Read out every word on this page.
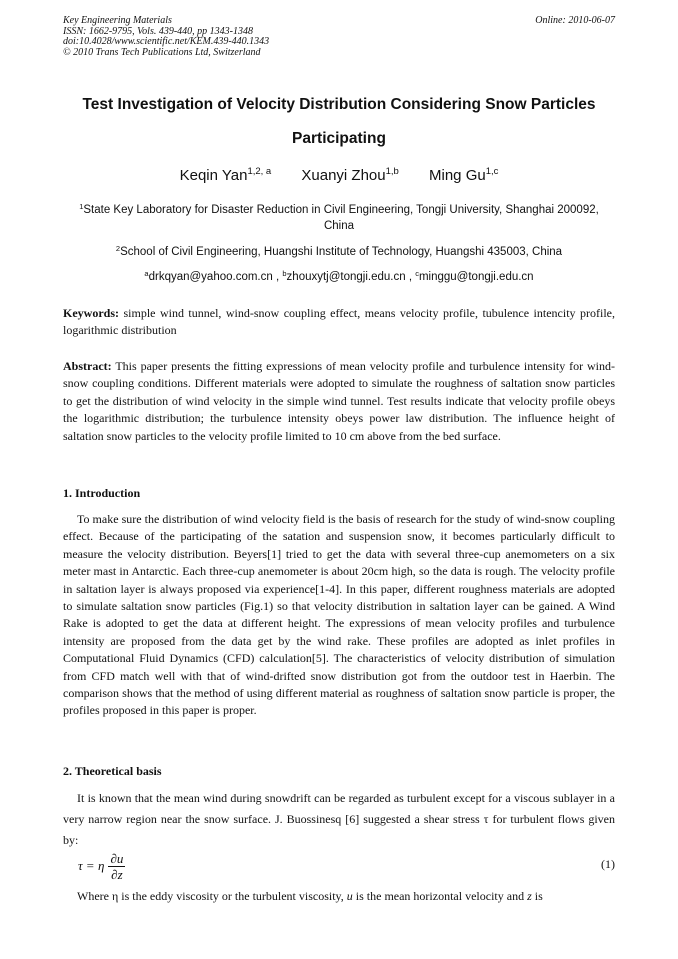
Key Engineering Materials
ISSN: 1662-9795, Vols. 439-440, pp 1343-1348
doi:10.4028/www.scientific.net/KEM.439-440.1343
© 2010 Trans Tech Publications Ltd, Switzerland
Online: 2010-06-07
Test Investigation of Velocity Distribution Considering Snow Particles
Participating
Keqin Yan$^{1,2, a}$ Xuanyi Zhou$^{1,b}$ Ming Gu$^{1,c}$
$^1$State Key Laboratory for Disaster Reduction in Civil Engineering, Tongji University, Shanghai 200092, China
$^2$School of Civil Engineering, Huangshi Institute of Technology, Huangshi 435003, China
$^a$drkqyan@yahoo.com.cn , $^b$zhouxytj@tongji.edu.cn , $^c$minggu@tongji.edu.cn
Keywords: simple wind tunnel, wind-snow coupling effect, means velocity profile, tubulence intencity profile, logarithmic distribution
Abstract: This paper presents the fitting expressions of mean velocity profile and turbulence intensity for wind-snow coupling conditions. Different materials were adopted to simulate the roughness of saltation snow particles to get the distribution of wind velocity in the simple wind tunnel. Test results indicate that velocity profile obeys the logarithmic distribution; the turbulence intensity obeys power law distribution. The influence height of saltation snow particles to the velocity profile limited to 10 cm above from the bed surface.
1. Introduction
To make sure the distribution of wind velocity field is the basis of research for the study of wind-snow coupling effect. Because of the participating of the satation and suspension snow, it becomes particularly difficult to measure the velocity distribution. Beyers[1] tried to get the data with several three-cup anemometers on a six meter mast in Antarctic. Each three-cup anemometer is about 20cm high, so the data is rough. The velocity profile in saltation layer is always proposed via experience[1-4]. In this paper, different roughness materials are adopted to simulate saltation snow particles (Fig.1) so that velocity distribution in saltation layer can be gained. A Wind Rake is adopted to get the data at different height. The expressions of mean velocity profiles and turbulence intensity are proposed from the data get by the wind rake. These profiles are adopted as inlet profiles in Computational Fluid Dynamics (CFD) calculation[5]. The characteristics of velocity distribution of simulation from CFD match well with that of wind-drifted snow distribution got from the outdoor test in Haerbin. The comparison shows that the method of using different material as roughness of saltation snow particle is proper, the profiles proposed in this paper is proper.
2. Theoretical basis
It is known that the mean wind during snowdrift can be regarded as turbulent except for a viscous sublayer in a very narrow region near the snow surface. J. Buossinesq [6] suggested a shear stress τ for turbulent flows given by:
τ = η $\frac{\partial u}{\partial z}$	(1)
Where η is the eddy viscosity or the turbulent viscosity, u is the mean horizontal velocity and z is
